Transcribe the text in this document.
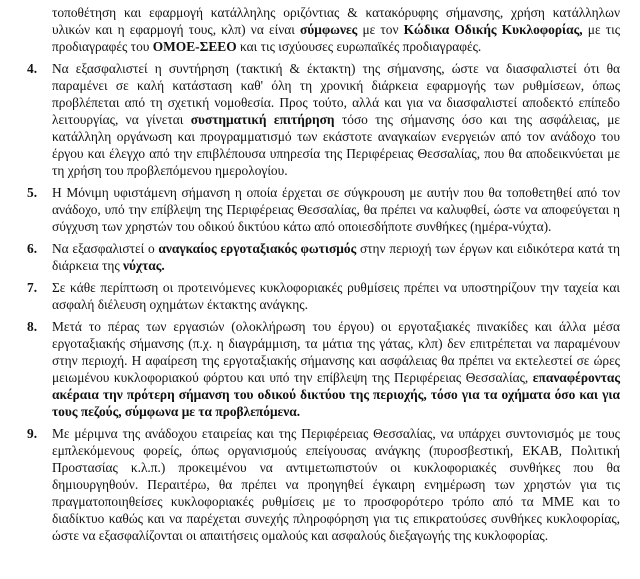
τοποθέτηση και εφαρμογή κατάλληλης οριζόντιας & κατακόρυφης σήμανσης, χρήση κατάλληλων υλικών και η εφαρμογή τους, κλπ) να είναι σύμφωνες με τον Κώδικα Οδικής Κυκλοφορίας, με τις προδιαγραφές του ΟΜΟΕ-ΣΕΕΟ και τις ισχύουσες ευρωπαϊκές προδιαγραφές.
4. Να εξασφαλιστεί η συντήρηση (τακτική & έκτακτη) της σήμανσης, ώστε να διασφαλιστεί ότι θα παραμένει σε καλή κατάσταση καθ' όλη τη χρονική διάρκεια εφαρμογής των ρυθμίσεων, όπως προβλέπεται από τη σχετική νομοθεσία. Προς τούτο, αλλά και για να διασφαλιστεί αποδεκτό επίπεδο λειτουργίας, να γίνεται συστηματική επιτήρηση τόσο της σήμανσης όσο και της ασφάλειας, με κατάλληλη οργάνωση και προγραμματισμό των εκάστοτε αναγκαίων ενεργειών από τον ανάδοχο του έργου και έλεγχο από την επιβλέπουσα υπηρεσία της Περιφέρειας Θεσσαλίας, που θα αποδεικνύεται με τη χρήση του προβλεπόμενου ημερολογίου.
5. Η Μόνιμη υφιστάμενη σήμανση η οποία έρχεται σε σύγκρουση με αυτήν που θα τοποθετηθεί από τον ανάδοχο, υπό την επίβλεψη της Περιφέρειας Θεσσαλίας, θα πρέπει να καλυφθεί, ώστε να αποφεύγεται η σύγχυση των χρηστών του οδικού δικτύου κάτω από οποιεσδήποτε συνθήκες (ημέρα-νύχτα).
6. Να εξασφαλιστεί ο αναγκαίος εργοταξιακός φωτισμός στην περιοχή των έργων και ειδικότερα κατά τη διάρκεια της νύχτας.
7. Σε κάθε περίπτωση οι προτεινόμενες κυκλοφοριακές ρυθμίσεις πρέπει να υποστηρίζουν την ταχεία και ασφαλή διέλευση οχημάτων έκτακτης ανάγκης.
8. Μετά το πέρας των εργασιών (ολοκλήρωση του έργου) οι εργοταξιακές πινακίδες και άλλα μέσα εργοταξιακής σήμανσης (π.χ. η διαγράμμιση, τα μάτια της γάτας, κλπ) δεν επιτρέπεται να παραμένουν στην περιοχή. Η αφαίρεση της εργοταξιακής σήμανσης και ασφάλειας θα πρέπει να εκτελεστεί σε ώρες μειωμένου κυκλοφοριακού φόρτου και υπό την επίβλεψη της Περιφέρειας Θεσσαλίας, επαναφέροντας ακέραια την πρότερη σήμανση του οδικού δικτύου της περιοχής, τόσο για τα οχήματα όσο και για τους πεζούς, σύμφωνα με τα προβλεπόμενα.
9. Με μέριμνα της ανάδοχου εταιρείας και της Περιφέρειας Θεσσαλίας, να υπάρχει συντονισμός με τους εμπλεκόμενους φορείς, όπως οργανισμούς επείγουσας ανάγκης (πυροσβεστική, ΕΚΑΒ, Πολιτική Προστασίας κ.λ.π.) προκειμένου να αντιμετωπιστούν οι κυκλοφοριακές συνθήκες που θα δημιουργηθούν. Περαιτέρω, θα πρέπει να προηγηθεί έγκαιρη ενημέρωση των χρηστών για τις πραγματοποιηθείσες κυκλοφοριακές ρυθμίσεις με το προσφορότερο τρόπο από τα ΜΜΕ και το διαδίκτυο καθώς και να παρέχεται συνεχής πληροφόρηση για τις επικρατούσες συνθήκες κυκλοφορίας, ώστε να εξασφαλίζονται οι απαιτήσεις ομαλούς και ασφαλούς διεξαγωγής της κυκλοφορίας.
